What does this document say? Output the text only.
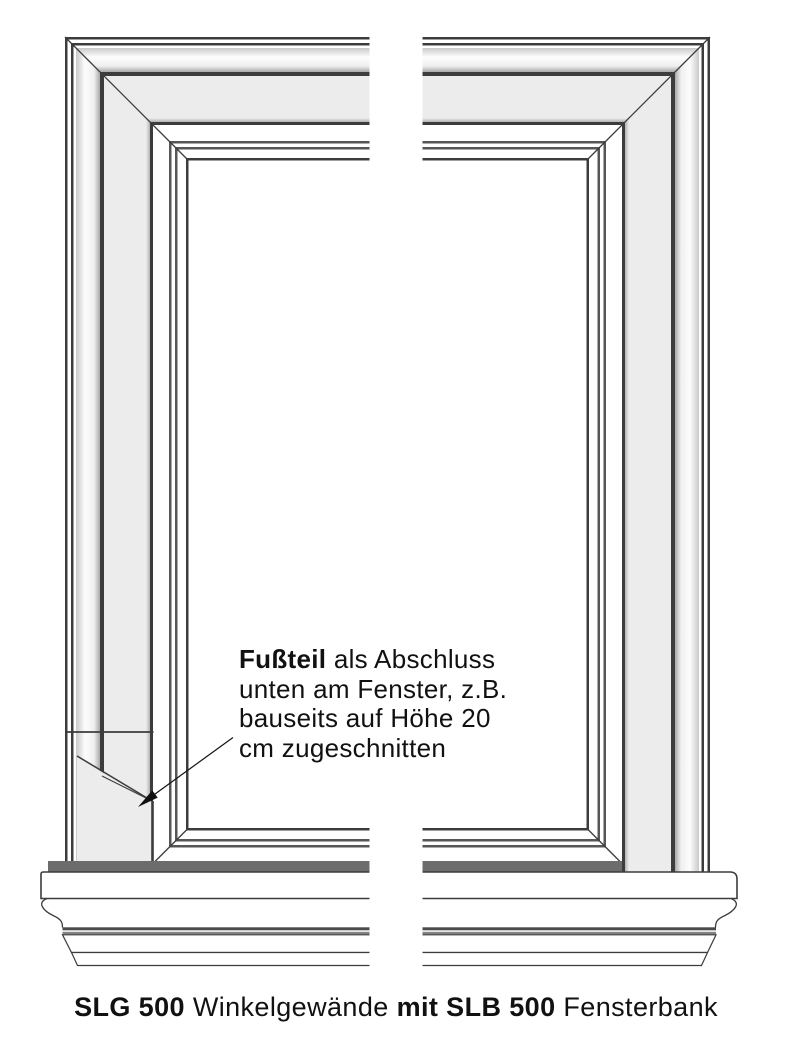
Fußteil als Abschluss
unten am Fenster, z.B.
bauseits auf Höhe 20
cm zugeschnitten
SLG 500 Winkelgewände mit SLB 500 Fensterbank
